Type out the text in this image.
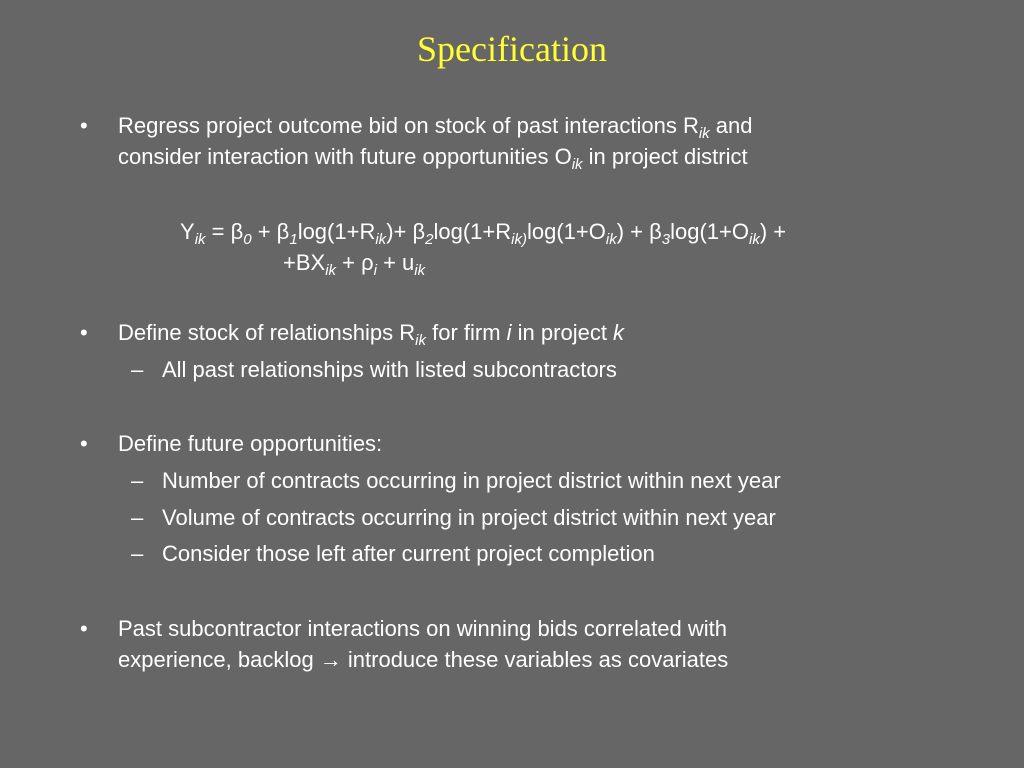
Specification
• Regress project outcome bid on stock of past interactions $R_{ik}$ and
consider interaction with future opportunities $O_{ik}$ in project district
$Y_{ik} = \beta_0 + \beta_1\log(1+R_{ik})+ \beta_2\log(1+R_{ik)}\log(1+O_{ik}) + \beta_3\log(1+O_{ik})$ +
$+BX_{ik} + \rho_i + u_{ik}$
• Define stock of relationships $R_{ik}$ for firm i in project k
– All past relationships with listed subcontractors
• Define future opportunities:
– Number of contracts occurring in project district within next year
– Volume of contracts occurring in project district within next year
– Consider those left after current project completion
• Past subcontractor interactions on winning bids correlated with
experience, backlog → introduce these variables as covariates
